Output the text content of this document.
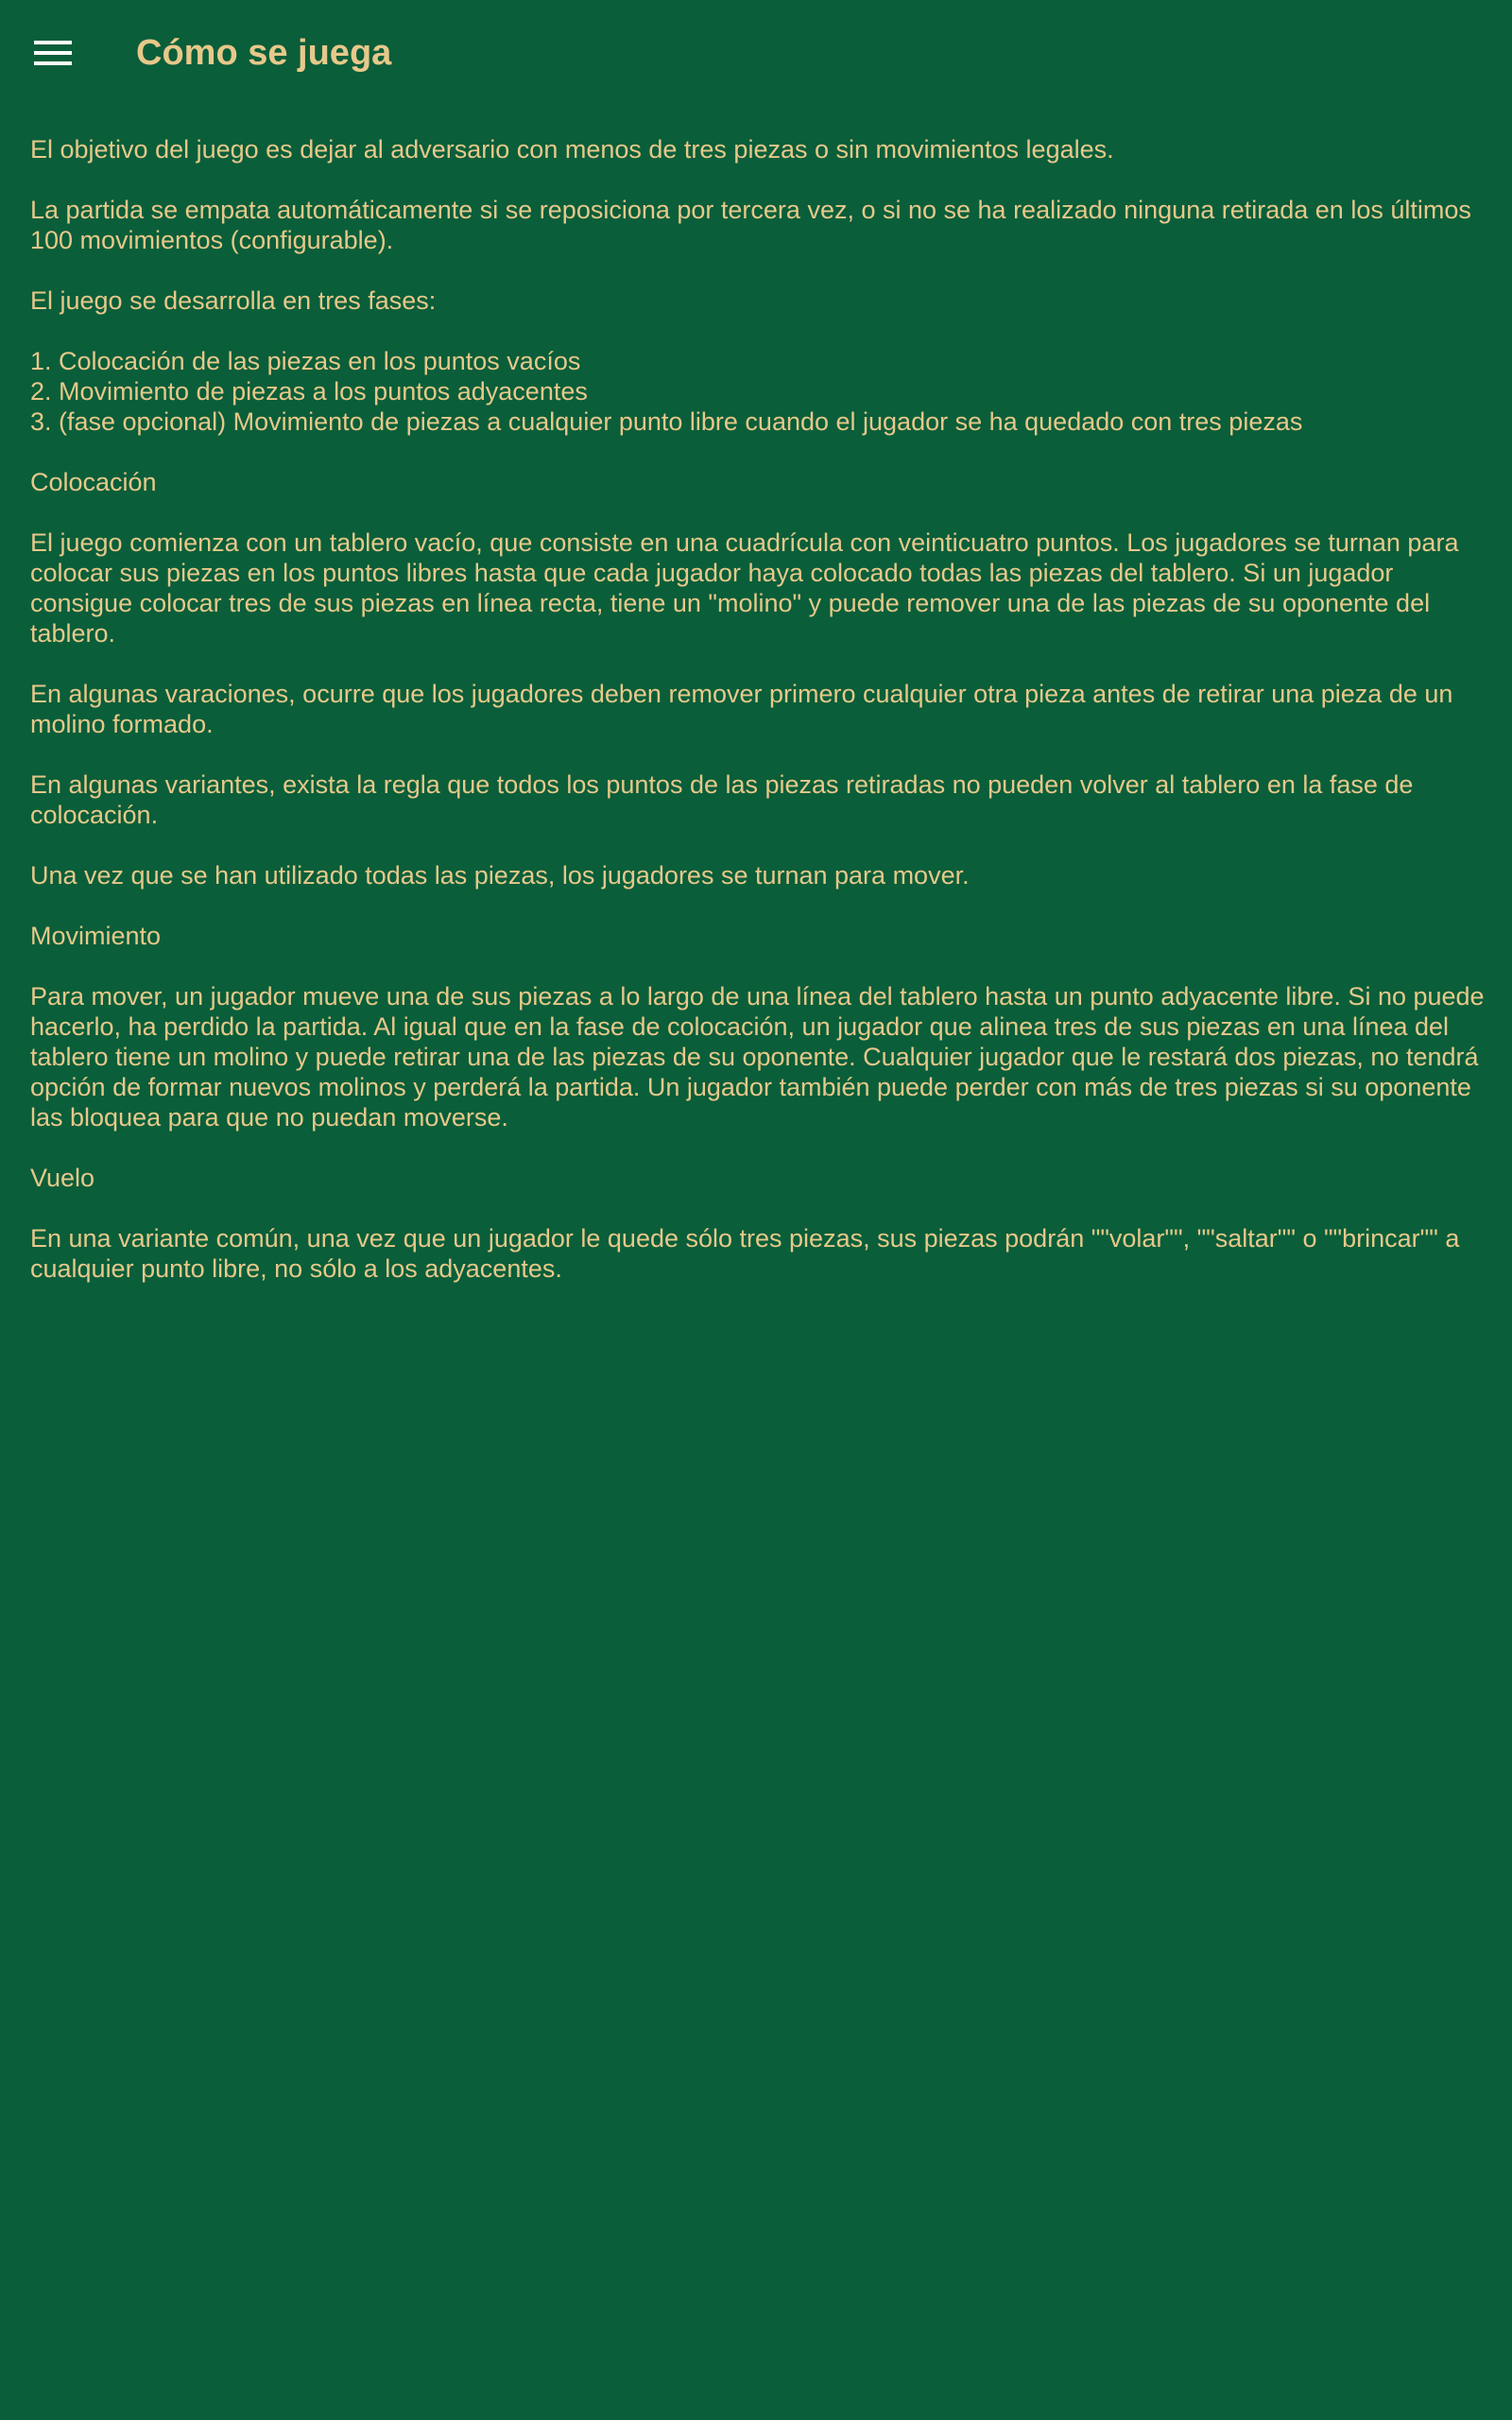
Cómo se juega

El objetivo del juego es dejar al adversario con menos de tres piezas o sin movimientos legales.

La partida se empata automáticamente si se reposiciona por tercera vez, o si no se ha realizado ninguna retirada en los últimos 100 movimientos (configurable).

El juego se desarrolla en tres fases:

1. Colocación de las piezas en los puntos vacíos
2. Movimiento de piezas a los puntos adyacentes
3. (fase opcional) Movimiento de piezas a cualquier punto libre cuando el jugador se ha quedado con tres piezas

Colocación

El juego comienza con un tablero vacío, que consiste en una cuadrícula con veinticuatro puntos. Los jugadores se turnan para colocar sus piezas en los puntos libres hasta que cada jugador haya colocado todas las piezas del tablero. Si un jugador consigue colocar tres de sus piezas en línea recta, tiene un "molino" y puede remover una de las piezas de su oponente del tablero.

En algunas varaciones, ocurre que los jugadores deben remover primero cualquier otra pieza antes de retirar una pieza de un molino formado.

En algunas variantes, exista la regla que todos los puntos de las piezas retiradas no pueden volver al tablero en la fase de colocación.

Una vez que se han utilizado todas las piezas, los jugadores se turnan para mover.

Movimiento

Para mover, un jugador mueve una de sus piezas a lo largo de una línea del tablero hasta un punto adyacente libre. Si no puede hacerlo, ha perdido la partida. Al igual que en la fase de colocación, un jugador que alinea tres de sus piezas en una línea del tablero tiene un molino y puede retirar una de las piezas de su oponente. Cualquier jugador que le restará dos piezas, no tendrá opción de formar nuevos molinos y perderá la partida. Un jugador también puede perder con más de tres piezas si su oponente las bloquea para que no puedan moverse.

Vuelo

En una variante común, una vez que un jugador le quede sólo tres piezas, sus piezas podrán ""volar"", ""saltar"" o ""brincar"" a cualquier punto libre, no sólo a los adyacentes.
